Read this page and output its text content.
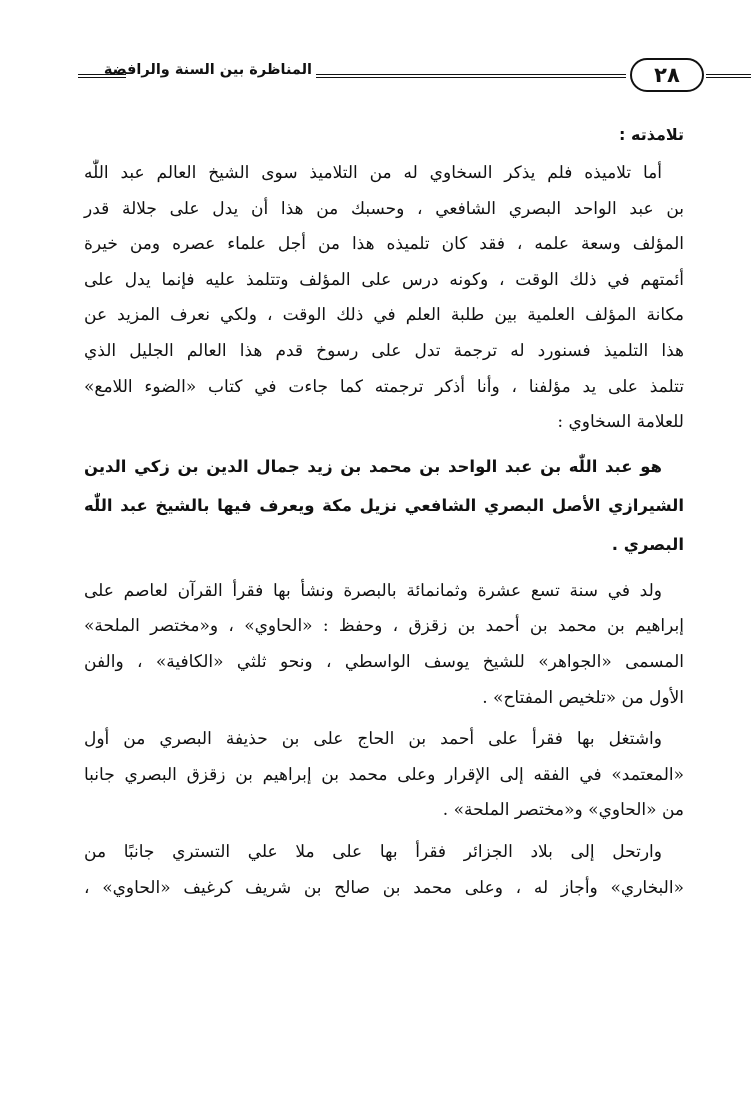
المناظرة بين السنة والرافضة	٢٨
تلامذته :
أما تلاميذه فلم يذكر السخاوي له من التلاميذ سوى الشيخ العالم عبد اللّٰه
بن عبد الواحد البصري الشافعي ، وحسبك من هذا أن يدل على جلالة قدر
المؤلف وسعة علمه ، فقد كان تلميذه هذا من أجل علماء عصره ومن خيرة
أئمتهم في ذلك الوقت ، وكونه درس على المؤلف وتتلمذ عليه فإنما يدل على
مكانة المؤلف العلمية بين طلبة العلم في ذلك الوقت ، ولكي نعرف المزيد عن
هذا التلميذ فسنورد له ترجمة تدل على رسوخ قدم هذا العالم الجليل الذي
تتلمذ على يد مؤلفنا ، وأنا أذكر ترجمته كما جاءت في كتاب «الضوء اللامع»
للعلامة السخاوي :
هو عبد اللّٰه بن عبد الواحد بن محمد بن زيد جمال الدين بن زكي الدين
الشيرازي الأصل البصري الشافعي نزيل مكة ويعرف فيها بالشيخ عبد اللّٰه
البصري .
ولد في سنة تسع عشرة وثمانمائة بالبصرة ونشأ بها فقرأ القرآن لعاصم على
إبراهيم بن محمد بن أحمد بن زقزق ، وحفظ : «الحاوي» ، و«مختصر الملحة»
المسمى «الجواهر» للشيخ يوسف الواسطي ، ونحو ثلثي «الكافية» ، والفن
الأول من «تلخيص المفتاح» .
واشتغل بها فقرأ على أحمد بن الحاج على بن حذيفة البصري من أول
«المعتمد» في الفقه إلى الإقرار وعلى محمد بن إبراهيم بن زقزق البصري جانبا
من «الحاوي» و«مختصر الملحة» .
وارتحل إلى بلاد الجزائر فقرأ بها على ملا علي التستري جانبًا من
«البخاري» وأجاز له ، وعلى محمد بن صالح بن شريف كرغيف «الحاوي» ،
